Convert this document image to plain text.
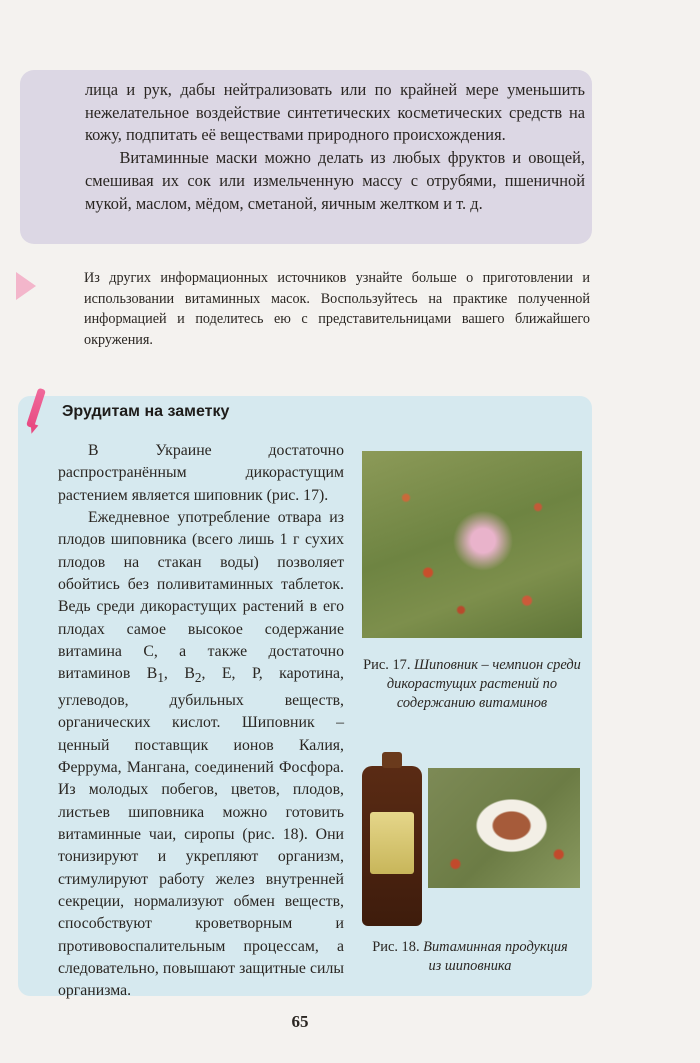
лица и рук, дабы нейтрализовать или по крайней мере уменьшить нежелательное воздействие синтетических косметических средств на кожу, подпитать её веществами природного происхождения.

Витаминные маски можно делать из любых фруктов и овощей, смешивая их сок или измельченную массу с отрубями, пшеничной мукой, маслом, мёдом, сметаной, яичным желтком и т. д.

Из других информационных источников узнайте больше о приготовлении и использовании витаминных масок. Воспользуйтесь на практике полученной информацией и поделитесь ею с представительницами вашего ближайшего окружения.
Эрудитам на заметку

В Украине достаточно распространённым дикорастущим растением является шиповник (рис. 17).

Ежедневное употребление отвара из плодов шиповника (всего лишь 1 г сухих плодов на стакан воды) позволяет обойтись без поливитаминных таблеток. Ведь среди дикорастущих растений в его плодах самое высокое содержание витамина С, а также достаточно витаминов $B_1$, $B_2$, Е, Р, каротина, углеводов, дубильных веществ, органических кислот. Шиповник – ценный поставщик ионов Калия, Феррума, Мангана, соединений Фосфора. Из молодых побегов, цветов, плодов, листьев шиповника можно готовить витаминные чаи, сиропы (рис. 18). Они тонизируют и укрепляют организм, стимулируют работу желез внутренней секреции, нормализуют обмен веществ, способствуют кроветворным и противовоспалительным процессам, а следовательно, повышают защитные силы организма.

Рис. 17. Шиповник – чемпион среди дикорастущих растений по содержанию витаминов
Рис. 18. Витаминная продукция из шиповника
65
